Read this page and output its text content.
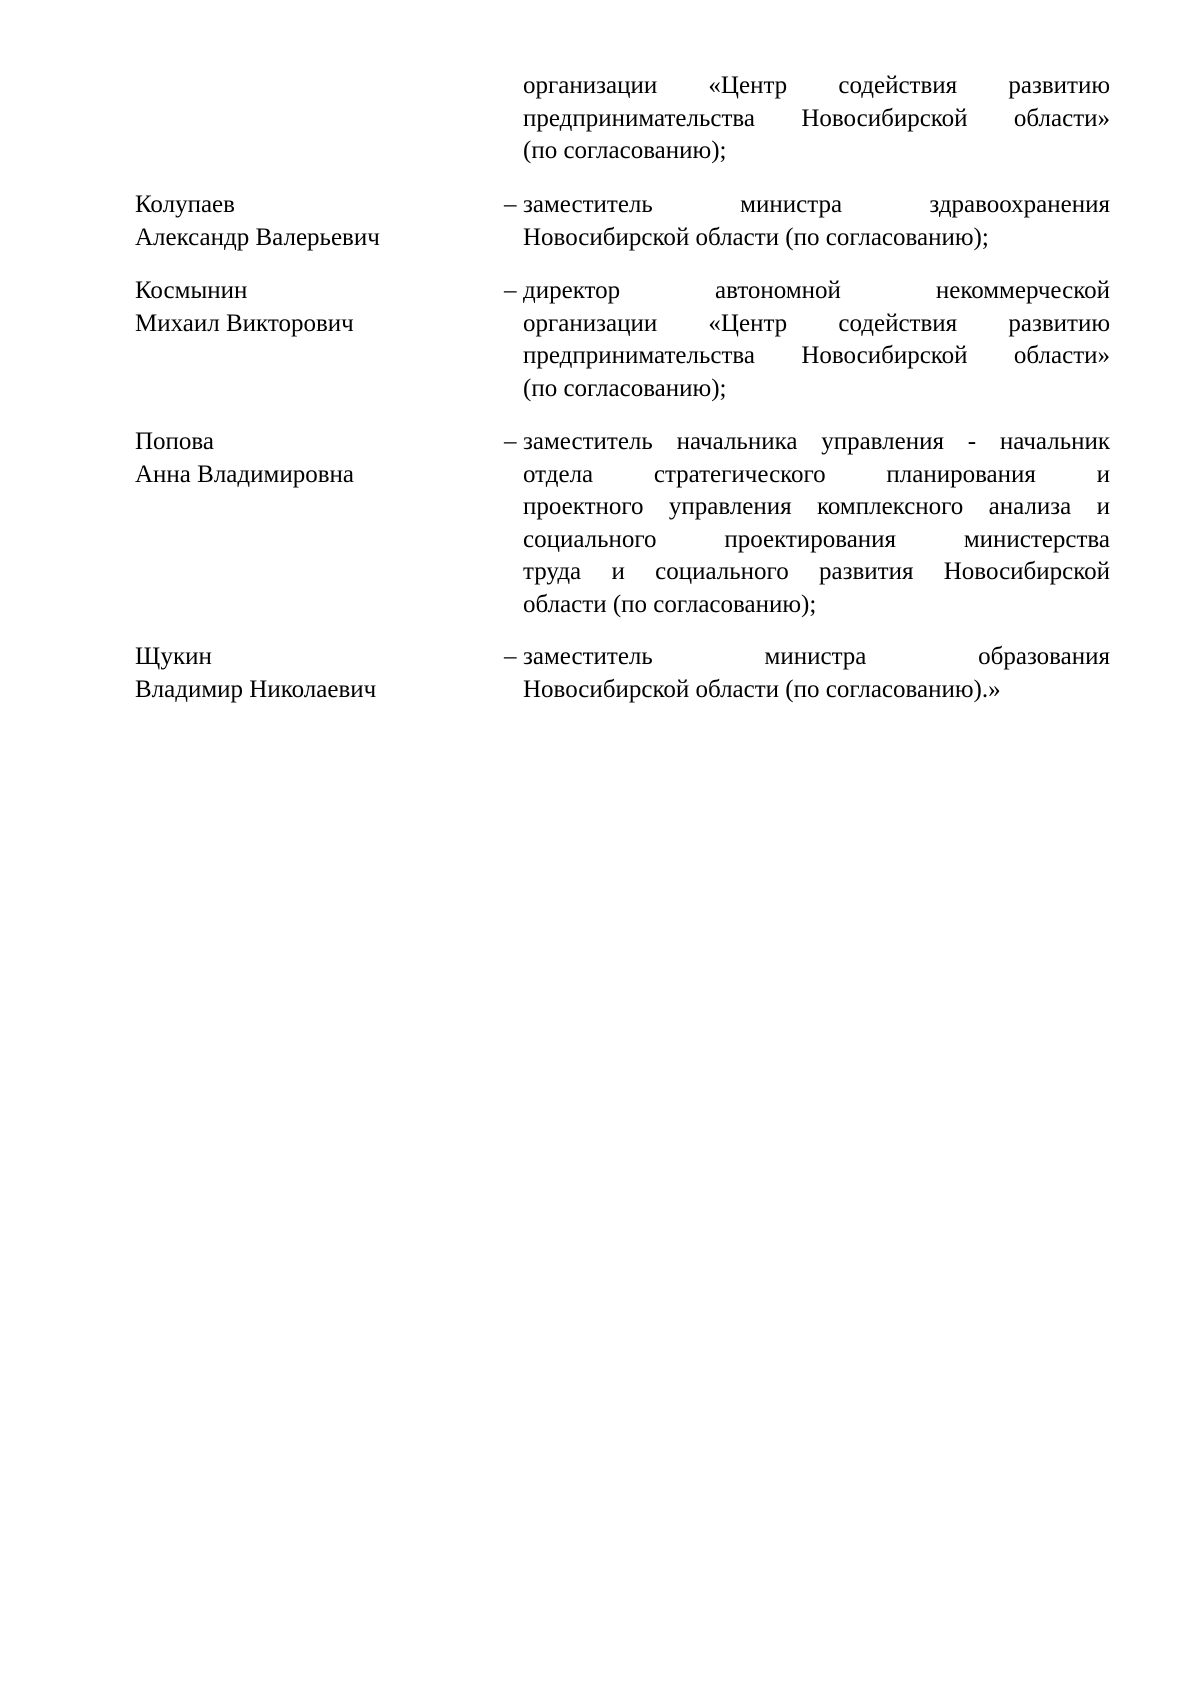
организации «Центр содействия развитию
предпринимательства Новосибирской области»
(по согласованию);
Колупаев
Александр Валерьевич
– заместитель министра здравоохранения
Новосибирской области (по согласованию);
Космынин
Михаил Викторович
– директор автономной некоммерческой
организации «Центр содействия развитию
предпринимательства Новосибирской области»
(по согласованию);
Попова
Анна Владимировна
– заместитель начальника управления - начальник
отдела стратегического планирования и
проектного управления комплексного анализа и
социального проектирования министерства
труда и социального развития Новосибирской
области (по согласованию);
Щукин
Владимир Николаевич
– заместитель министра образования
Новосибирской области (по согласованию).»
